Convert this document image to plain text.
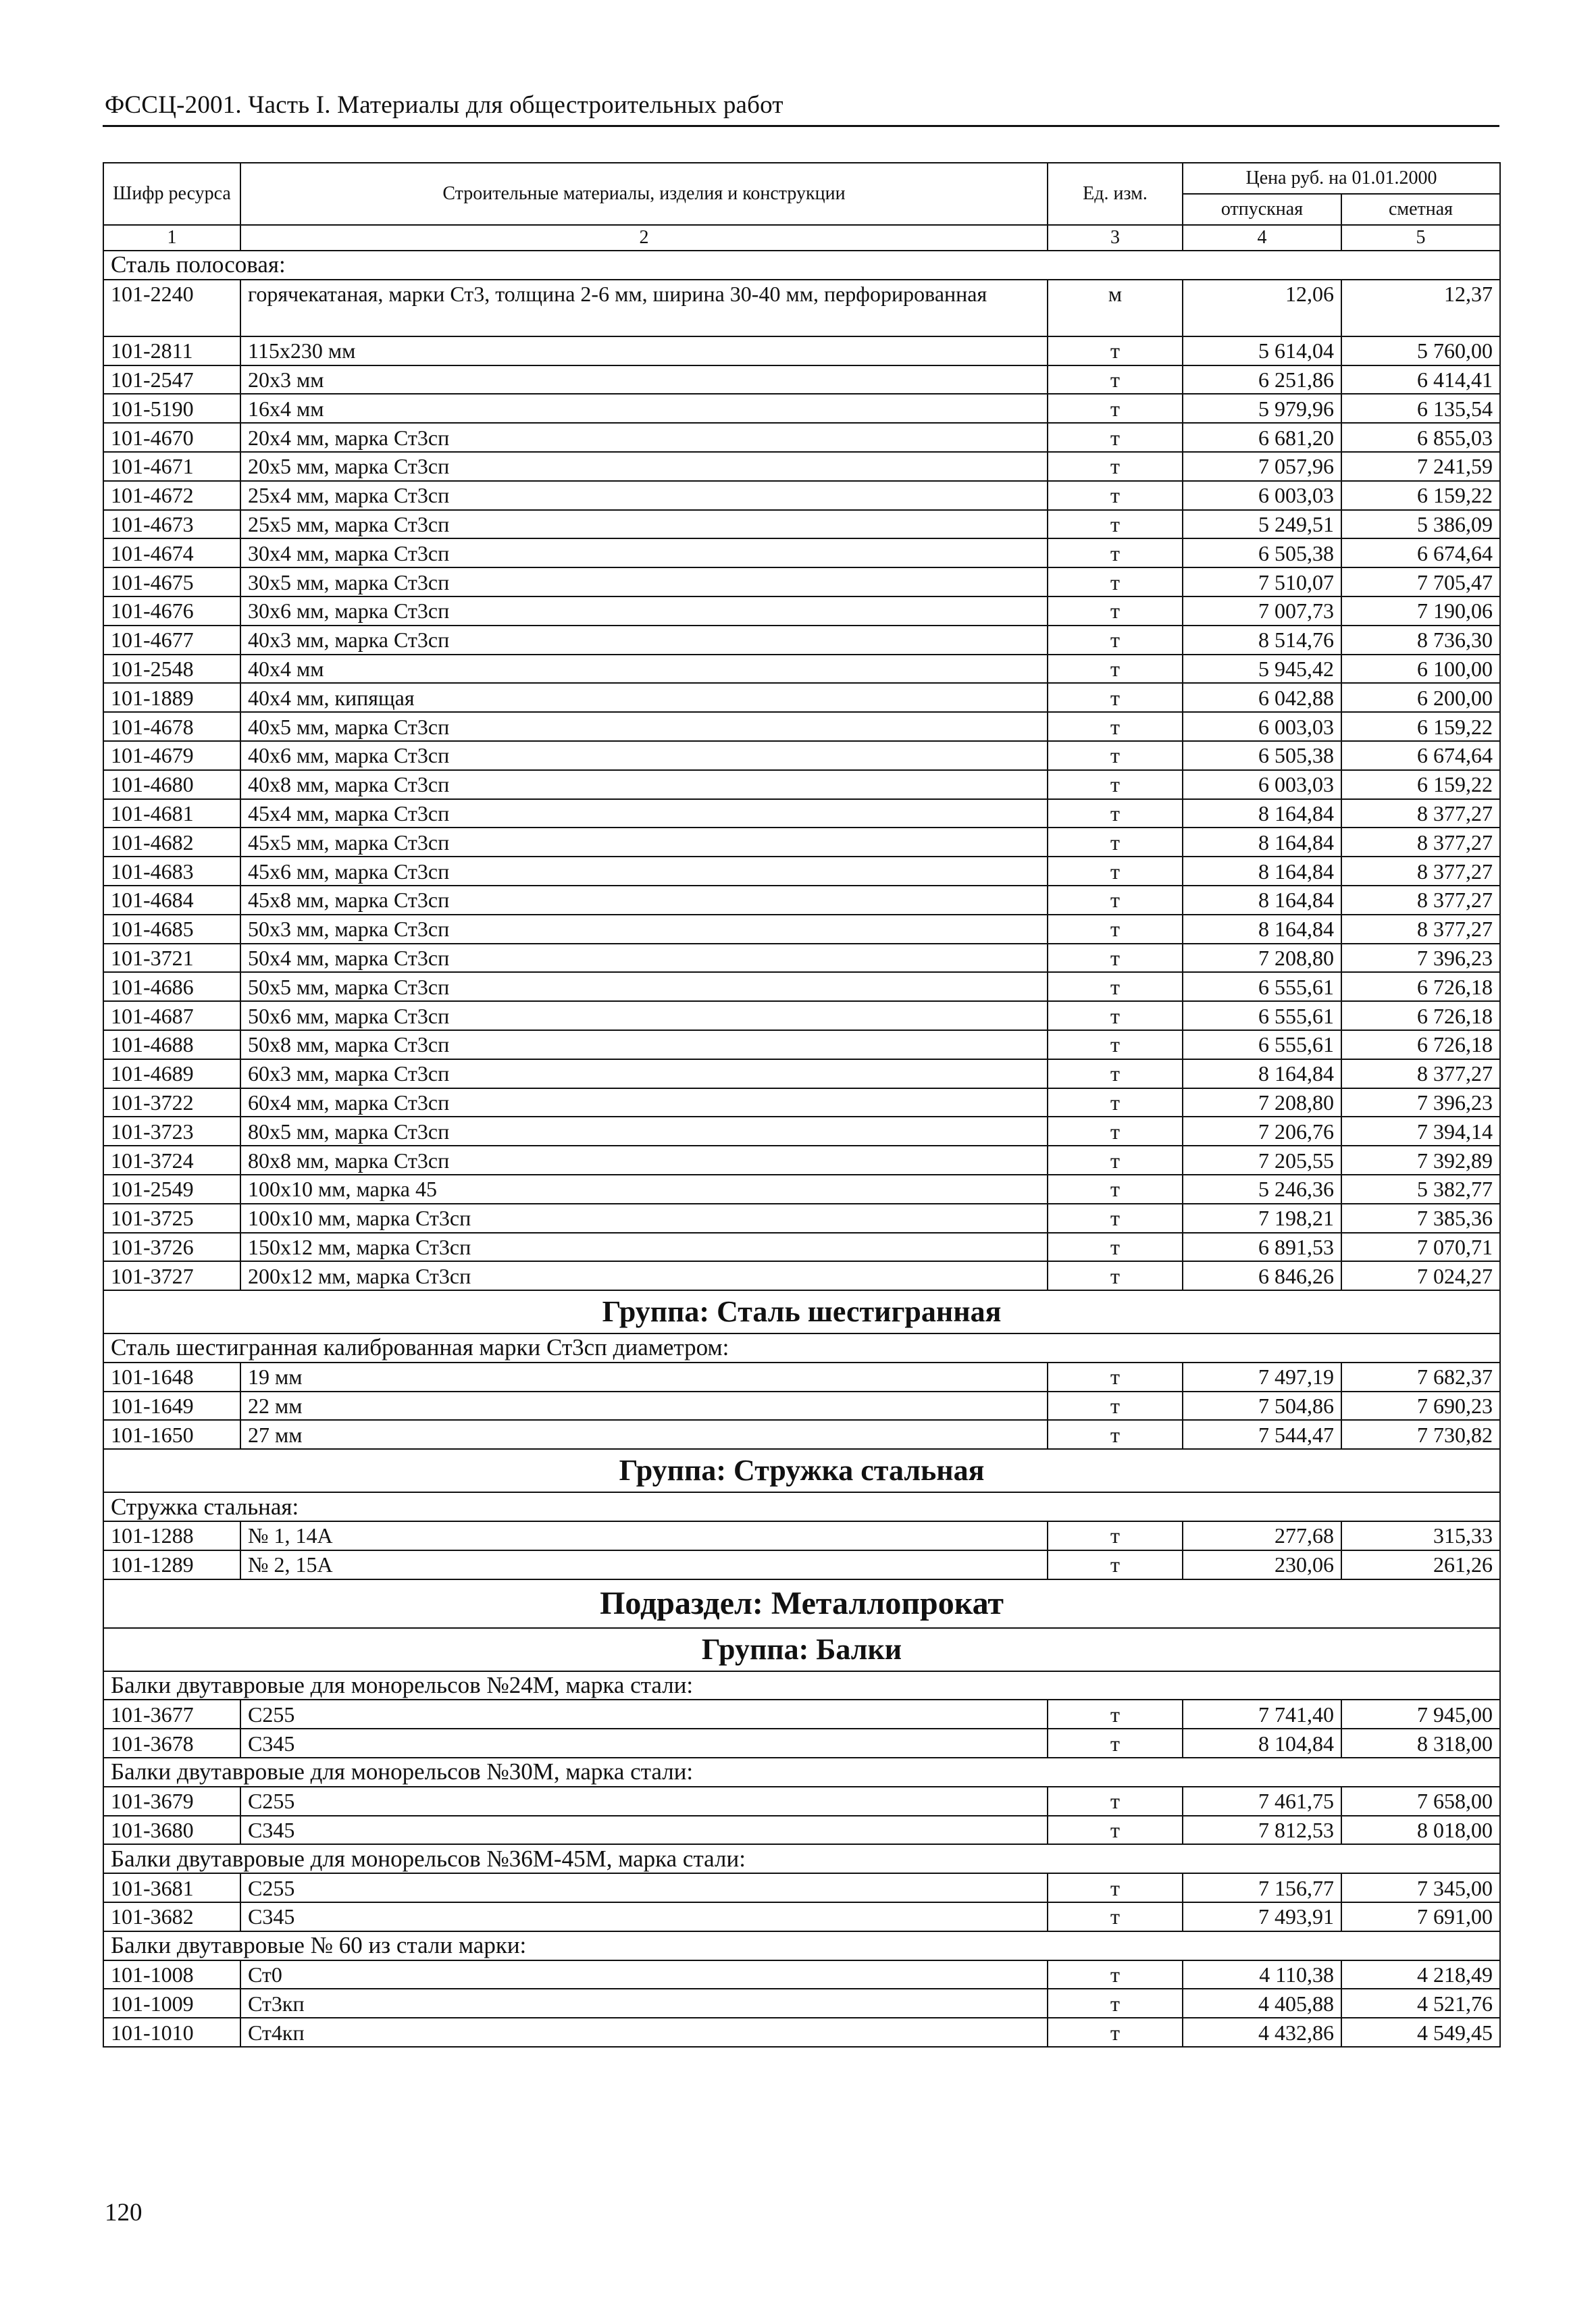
ФССЦ-2001. Часть I. Материалы для общестроительных работ
Шифр ресурса	Строительные материалы, изделия и конструкции	Ед. изм.	Цена руб. на 01.01.2000	
			отпускная	сметная
1	2	3	4	5
Сталь полосовая:				
101-2240	горячекатаная, марки Ст3, толщина 2-6 мм, ширина 30-40 мм, перфорированная	м	12,06	12,37
101-2811	115х230 мм	т	5 614,04	5 760,00
101-2547	20х3 мм	т	6 251,86	6 414,41
101-5190	16х4 мм	т	5 979,96	6 135,54
101-4670	20х4 мм, марка Ст3сп	т	6 681,20	6 855,03
101-4671	20х5 мм, марка Ст3сп	т	7 057,96	7 241,59
101-4672	25х4 мм, марка Ст3сп	т	6 003,03	6 159,22
101-4673	25х5 мм, марка Ст3сп	т	5 249,51	5 386,09
101-4674	30х4 мм, марка Ст3сп	т	6 505,38	6 674,64
101-4675	30х5 мм, марка Ст3сп	т	7 510,07	7 705,47
101-4676	30х6 мм, марка Ст3сп	т	7 007,73	7 190,06
101-4677	40х3 мм, марка Ст3сп	т	8 514,76	8 736,30
101-2548	40х4 мм	т	5 945,42	6 100,00
101-1889	40х4 мм, кипящая	т	6 042,88	6 200,00
101-4678	40х5 мм, марка Ст3сп	т	6 003,03	6 159,22
101-4679	40х6 мм, марка Ст3сп	т	6 505,38	6 674,64
101-4680	40х8 мм, марка Ст3сп	т	6 003,03	6 159,22
101-4681	45х4 мм, марка Ст3сп	т	8 164,84	8 377,27
101-4682	45х5 мм, марка Ст3сп	т	8 164,84	8 377,27
101-4683	45х6 мм, марка Ст3сп	т	8 164,84	8 377,27
101-4684	45х8 мм, марка Ст3сп	т	8 164,84	8 377,27
101-4685	50х3 мм, марка Ст3сп	т	8 164,84	8 377,27
101-3721	50х4 мм, марка Ст3сп	т	7 208,80	7 396,23
101-4686	50х5 мм, марка Ст3сп	т	6 555,61	6 726,18
101-4687	50х6 мм, марка Ст3сп	т	6 555,61	6 726,18
101-4688	50х8 мм, марка Ст3сп	т	6 555,61	6 726,18
101-4689	60х3 мм, марка Ст3сп	т	8 164,84	8 377,27
101-3722	60х4 мм, марка Ст3сп	т	7 208,80	7 396,23
101-3723	80х5 мм, марка Ст3сп	т	7 206,76	7 394,14
101-3724	80х8 мм, марка Ст3сп	т	7 205,55	7 392,89
101-2549	100х10 мм, марка 45	т	5 246,36	5 382,77
101-3725	100х10 мм, марка Ст3сп	т	7 198,21	7 385,36
101-3726	150х12 мм, марка Ст3сп	т	6 891,53	7 070,71
101-3727	200х12 мм, марка Ст3сп	т	6 846,26	7 024,27
Группа: Сталь шестигранная				
Сталь шестигранная калиброванная марки Ст3сп диаметром:				
101-1648	19 мм	т	7 497,19	7 682,37
101-1649	22 мм	т	7 504,86	7 690,23
101-1650	27 мм	т	7 544,47	7 730,82
Группа: Стружка стальная				
Стружка стальная:				
101-1288	№ 1, 14А	т	277,68	315,33
101-1289	№ 2, 15А	т	230,06	261,26
Подраздел: Металлопрокат				
Группа: Балки				
Балки двутавровые для монорельсов №24М, марка стали:				
101-3677	С255	т	7 741,40	7 945,00
101-3678	С345	т	8 104,84	8 318,00
Балки двутавровые для монорельсов №30М, марка стали:				
101-3679	С255	т	7 461,75	7 658,00
101-3680	С345	т	7 812,53	8 018,00
Балки двутавровые для монорельсов №36М-45М, марка стали:				
101-3681	С255	т	7 156,77	7 345,00
101-3682	С345	т	7 493,91	7 691,00
Балки двутавровые № 60 из стали марки:				
101-1008	Ст0	т	4 110,38	4 218,49
101-1009	Ст3кп	т	4 405,88	4 521,76
101-1010	Ст4кп	т	4 432,86	4 549,45
120
